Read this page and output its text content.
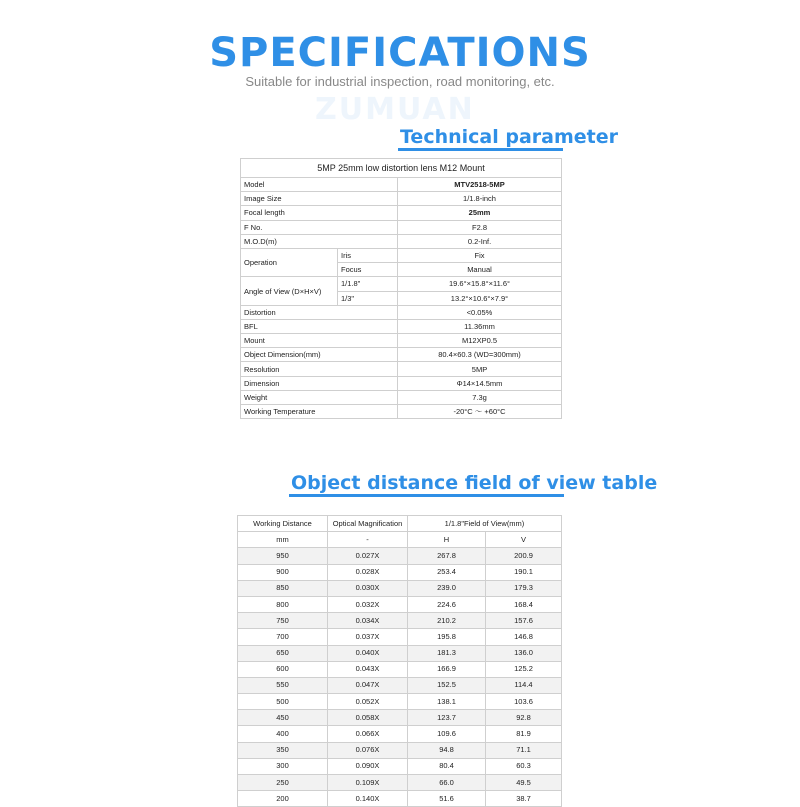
SPECIFICATIONS
Suitable for industrial inspection, road monitoring, etc.
ZUMUAN
Technical parameter
5MP 25mm low distortion lens M12 Mount		
Model		MTV2518-5MP
Image Size		1/1.8-inch
Focal length		25mm
F No.		F2.8
M.O.D(m)		0.2-Inf.
Operation	Iris	Fix
	Focus	Manual
Angle of View (D×H×V)	1/1.8"	19.6°×15.8°×11.6°
	1/3"	13.2°×10.6°×7.9°
Distortion		<0.05%
BFL		11.36mm
Mount		M12XP0.5
Object Dimension(mm)		80.4×60.3 (WD=300mm)
Resolution		5MP
Dimension		Φ14×14.5mm
Weight		7.3g
Working Temperature		-20°C ～ +60°C
Object distance field of view table
Working Distance	Optical Magnification	1/1.8"Field of View(mm)	
mm	-	H	V
950	0.027X	267.8	200.9
900	0.028X	253.4	190.1
850	0.030X	239.0	179.3
800	0.032X	224.6	168.4
750	0.034X	210.2	157.6
700	0.037X	195.8	146.8
650	0.040X	181.3	136.0
600	0.043X	166.9	125.2
550	0.047X	152.5	114.4
500	0.052X	138.1	103.6
450	0.058X	123.7	92.8
400	0.066X	109.6	81.9
350	0.076X	94.8	71.1
300	0.090X	80.4	60.3
250	0.109X	66.0	49.5
200	0.140X	51.6	38.7
